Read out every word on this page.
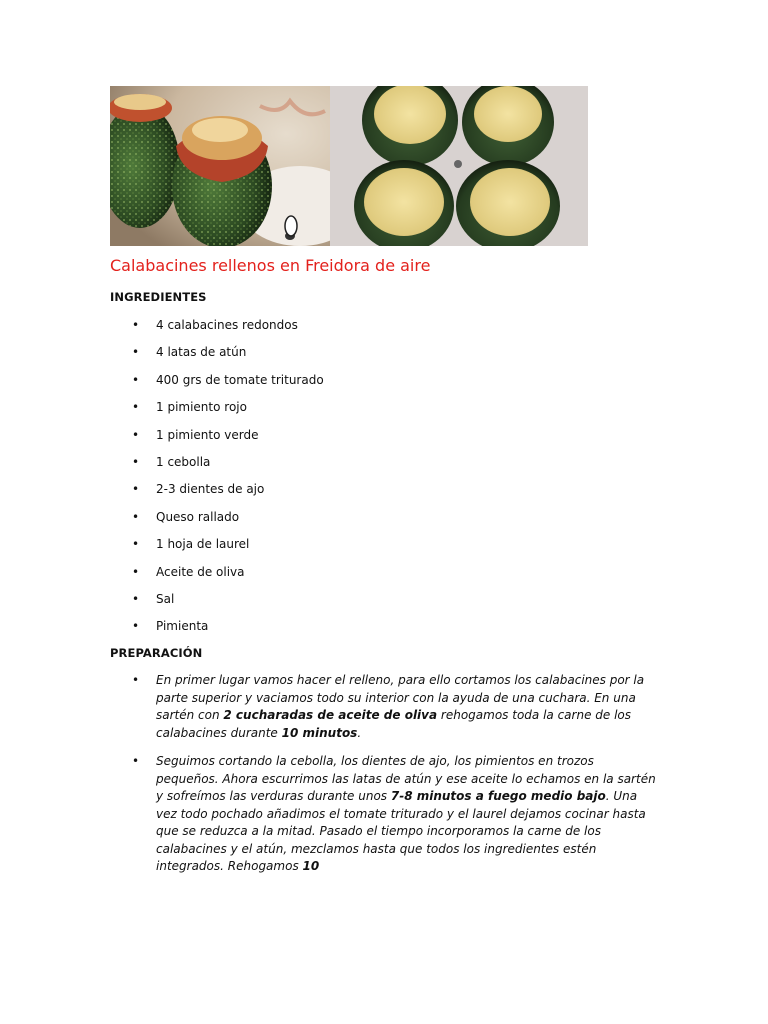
Calabacines rellenos en Freidora de aire
INGREDIENTES
• 4 calabacines redondos
• 4 latas de atún
• 400 grs de tomate triturado
• 1 pimiento rojo
• 1 pimiento verde
• 1 cebolla
• 2-3 dientes de ajo
• Queso rallado
• 1 hoja de laurel
• Aceite de oliva
• Sal
• Pimienta
PREPARACIÓN
• En primer lugar vamos hacer el relleno, para ello cortamos los calabacines por la parte superior y vaciamos todo su interior con la ayuda de una cuchara. En una sartén con 2 cucharadas de aceite de oliva rehogamos toda la carne de los calabacines durante 10 minutos.
• Seguimos cortando la cebolla, los dientes de ajo, los pimientos en trozos pequeños. Ahora escurrimos las latas de atún y ese aceite lo echamos en la sartén y sofreímos las verduras durante unos 7-8 minutos a fuego medio bajo. Una vez todo pochado añadimos el tomate triturado y el laurel dejamos cocinar hasta que se reduzca a la mitad. Pasado el tiempo incorporamos la carne de los calabacines y el atún, mezclamos hasta que todos los ingredientes estén integrados. Rehogamos 10
